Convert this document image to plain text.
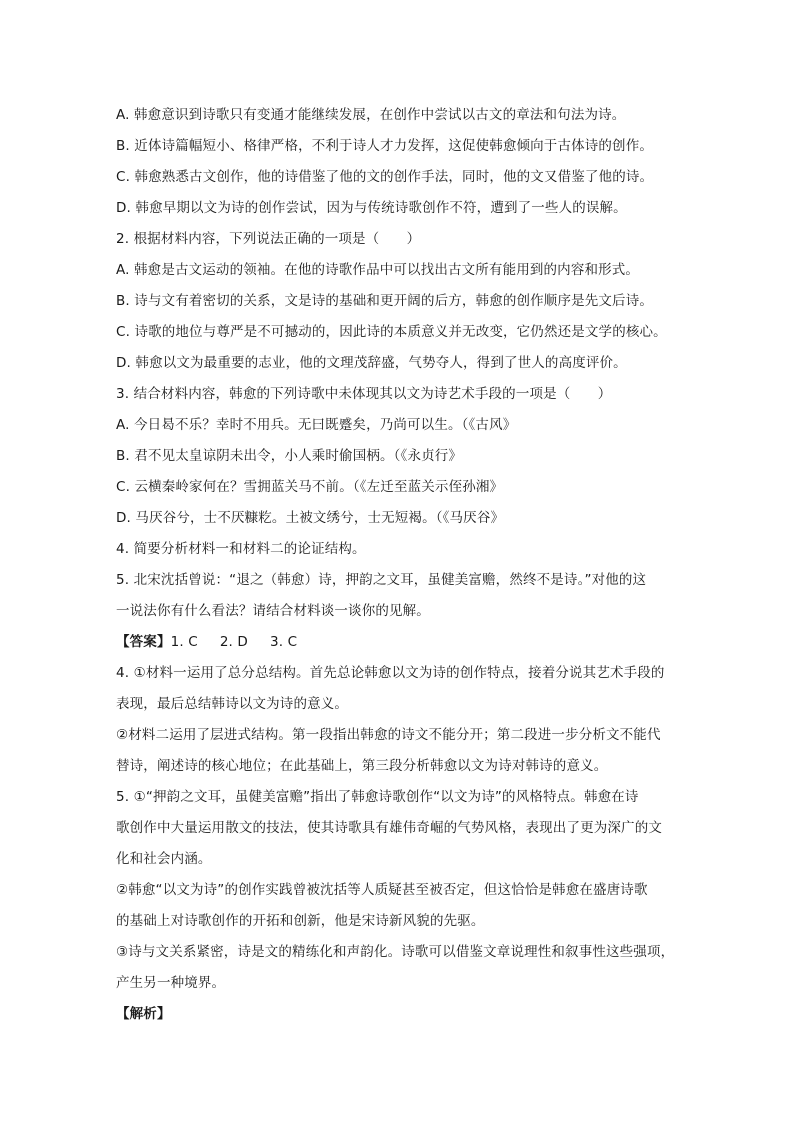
A. 韩愈意识到诗歌只有变通才能继续发展，在创作中尝试以古文的章法和句法为诗。
B. 近体诗篇幅短小、格律严格，不利于诗人才力发挥，这促使韩愈倾向于古体诗的创作。
C. 韩愈熟悉古文创作，他的诗借鉴了他的文的创作手法，同时，他的文又借鉴了他的诗。
D. 韩愈早期以文为诗的创作尝试，因为与传统诗歌创作不符，遭到了一些人的误解。
2. 根据材料内容，下列说法正确的一项是（　　）
A. 韩愈是古文运动的领袖。在他的诗歌作品中可以找出古文所有能用到的内容和形式。
B. 诗与文有着密切的关系，文是诗的基础和更开阔的后方，韩愈的创作顺序是先文后诗。
C. 诗歌的地位与尊严是不可撼动的，因此诗的本质意义并无改变，它仍然还是文学的核心。
D. 韩愈以文为最重要的志业，他的文理茂辞盛，气势夺人，得到了世人的高度评价。
3. 结合材料内容，韩愈的下列诗歌中未体现其以文为诗艺术手段的一项是（　　）
A. 今日曷不乐？幸时不用兵。无曰既蹙矣，乃尚可以生。（《古风》
B. 君不见太皇谅阴未出令，小人乘时偷国柄。（《永贞行》
C. 云横秦岭家何在？雪拥蓝关马不前。（《左迁至蓝关示侄孙湘》
D. 马厌谷兮，士不厌糠籺。土被文绣兮，士无短褐。（《马厌谷》
4. 简要分析材料一和材料二的论证结构。
5. 北宋沈括曾说：“退之（韩愈）诗，押韵之文耳，虽健美富赡，然终不是诗。”对他的这
一说法你有什么看法？请结合材料谈一谈你的见解。
【答案】1. C 2. D 3. C
4. ①材料一运用了总分总结构。首先总论韩愈以文为诗的创作特点，接着分说其艺术手段的
表现，最后总结韩诗以文为诗的意义。
②材料二运用了层进式结构。第一段指出韩愈的诗文不能分开；第二段进一步分析文不能代
替诗，阐述诗的核心地位；在此基础上，第三段分析韩愈以文为诗对韩诗的意义。
5. ①“押韵之文耳，虽健美富赡”指出了韩愈诗歌创作“以文为诗”的风格特点。韩愈在诗
歌创作中大量运用散文的技法，使其诗歌具有雄伟奇崛的气势风格，表现出了更为深广的文
化和社会内涵。
②韩愈“以文为诗”的创作实践曾被沈括等人质疑甚至被否定，但这恰恰是韩愈在盛唐诗歌
的基础上对诗歌创作的开拓和创新，他是宋诗新风貌的先驱。
③诗与文关系紧密，诗是文的精练化和声韵化。诗歌可以借鉴文章说理性和叙事性这些强项，
产生另一种境界。
【解析】
